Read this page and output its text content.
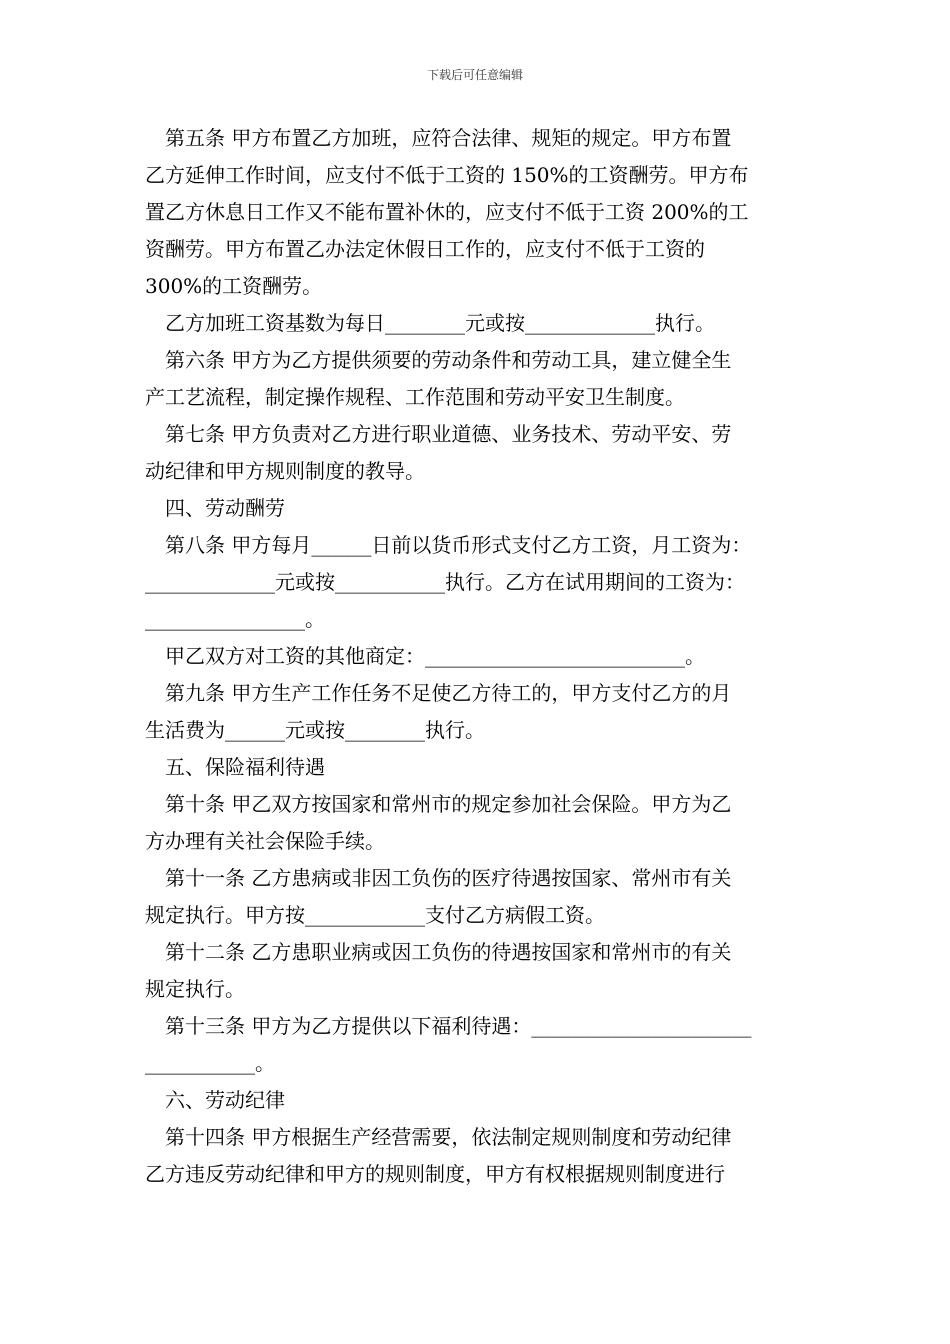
下载后可任意编辑
第五条 甲方布置乙方加班，应符合法律、规矩的规定。甲方布置
乙方延伸工作时间，应支付不低于工资的 150%的工资酬劳。甲方布
置乙方休息日工作又不能布置补休的，应支付不低于工资 200%的工
资酬劳。甲方布置乙办法定休假日工作的，应支付不低于工资的
300%的工资酬劳。
乙方加班工资基数为每日________元或按_____________执行。
第六条 甲方为乙方提供须要的劳动条件和劳动工具，建立健全生
产工艺流程，制定操作规程、工作范围和劳动平安卫生制度。
第七条 甲方负责对乙方进行职业道德、业务技术、劳动平安、劳
动纪律和甲方规则制度的教导。
四、劳动酬劳
第八条 甲方每月______日前以货币形式支付乙方工资，月工资为：
_____________元或按___________执行。乙方在试用期间的工资为：
________________。
甲乙双方对工资的其他商定：__________________________。
第九条 甲方生产工作任务不足使乙方待工的，甲方支付乙方的月
生活费为______元或按________执行。
五、保险福利待遇
第十条 甲乙双方按国家和常州市的规定参加社会保险。甲方为乙
方办理有关社会保险手续。
第十一条 乙方患病或非因工负伤的医疗待遇按国家、常州市有关
规定执行。甲方按____________支付乙方病假工资。
第十二条 乙方患职业病或因工负伤的待遇按国家和常州市的有关
规定执行。
第十三条 甲方为乙方提供以下福利待遇：______________________
___________。
六、劳动纪律
第十四条 甲方根据生产经营需要，依法制定规则制度和劳动纪律
乙方违反劳动纪律和甲方的规则制度，甲方有权根据规则制度进行
